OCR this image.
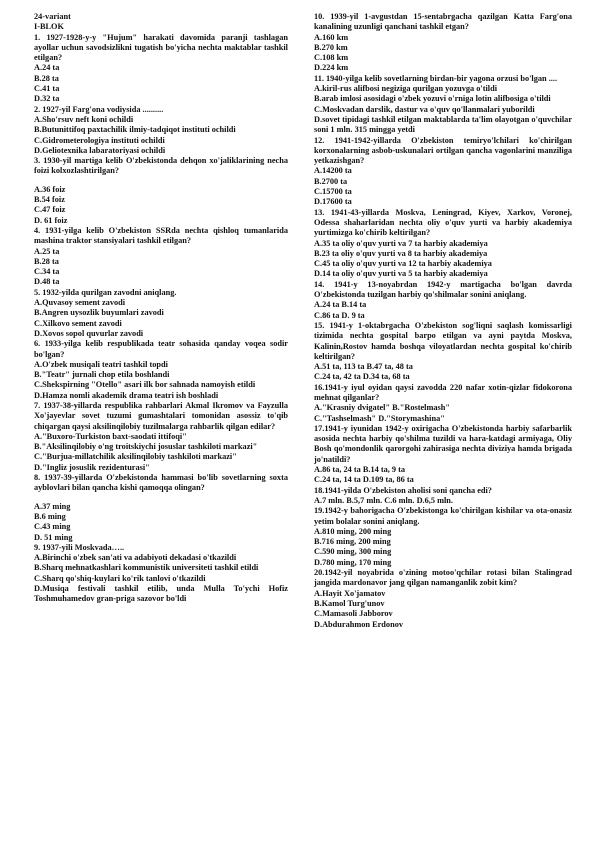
24-variant

I-BLOK

1. 1927-1928-y-y "Hujum" harakati davomida paranji tashlagan ayollar uchun savodsizlikni tugatish bo'yicha nechta maktablar tashkil etilgan?

A.24 ta

B.28 ta

C.41 ta

D.32 ta

2. 1927-yil Farg'ona vodiysida ..........

A.Sho'rsuv neft koni ochildi

B.Butunittifoq paxtachilik ilmiy-tadqiqot instituti ochildi

C.Gidrometerologiya instituti ochildi

D.Geliotexnika labaratoriyasi ochildi

3. 1930-yil martiga kelib O'zbekistonda dehqon xo'jaliklarining necha foizi kolxozlashtirilgan?

A.36 foiz

B.54 foiz

C.47 foiz

D. 61 foiz

4. 1931-yilga kelib O'zbekiston SSRda nechta qishloq tumanlarida mashina traktor stansiyalari tashkil etilgan?

A.25 ta

B.28 ta

C.34 ta

D.48 ta

5. 1932-yilda qurilgan zavodni aniqlang.

A.Quvasoy sement zavodi

B.Angren uysozlik buyumlari zavodi

C.Xilkovo sement zavodi

D.Xovos sopol quvurlar zavodi

6. 1933-yilga kelib respublikada teatr sohasida qanday voqea sodir bo'lgan?

A.O'zbek musiqali teatri tashkil topdi

B."Teatr" jurnali chop etila boshlandi

C.Shekspirning "Otello" asari ilk bor sahnada namoyish etildi

D.Hamza nomli akademik drama teatri ish boshladi

7. 1937-38-yillarda respublika rahbarlari Akmal Ikromov va Fayzulla Xo'jayevlar sovet tuzumi gumashtalari tomonidan asossiz to'qib chiqargan qaysi aksilinqilobiy tuzilmalarga rahbarlik qilgan edilar?

A."Buxoro-Turkiston baxt-saodati ittifoqi"

B."Aksilinqilobiy o'ng troitskiychi josuslar tashkiloti markazi"

C."Burjua-millatchilik aksilinqilobiy tashkiloti markazi"

D."Ingliz josuslik rezidenturasi"

8. 1937-39-yillarda O'zbekistonda hammasi bo'lib sovetlarning soxta ayblovlari bilan qancha kishi qamoqqa olingan?

A.37 ming

B.6 ming

C.43 ming

D. 51 ming

9. 1937-yili Moskvada…..

A.Birinchi o'zbek san'ati va adabiyoti dekadasi o'tkazildi

B.Sharq mehnatkashlari kommunistik universiteti tashkil etildi

C.Sharq qo'shiq-kuylari ko'rik tanlovi o'tkazildi

D.Musiqa festivali tashkil etilib, unda Mulla To'ychi Hofiz Toshmuhamedov gran-priga sazovor bo'ldi

10. 1939-yil 1-avgustdan 15-sentabrgacha qazilgan Katta Farg'ona kanalining uzunligi qanchani tashkil etgan?

A.160 km

B.270 km

C.108 km

D.224 km

11. 1940-yilga kelib sovetlarning birdan-bir yagona orzusi bo'lgan ....

A.kiril-rus alifbosi negiziga qurilgan yozuvga o'tildi

B.arab imlosi asosidagi o'zbek yozuvi o'rniga lotin alifbosiga o'tildi

C.Moskvadan darslik, dastur va o'quv qo'llanmalari yuborildi

D.sovet tipidagi tashkil etilgan maktablarda ta'lim olayotgan o'quvchilar soni 1 mln. 315 mingga yetdi

12. 1941-1942-yillarda O'zbekiston temiryo'lchilari ko'chirilgan korxonalarning asbob-uskunalari ortilgan qancha vagonlarini manziliga yetkazishgan?

A.14200 ta

B.2700 ta

C.15700 ta

D.17600 ta

13. 1941-43-yillarda Moskva, Leningrad, Kiyev, Xarkov, Voronej, Odessa shaharlaridan nechta oliy o'quv yurti va harbiy akademiya yurtimizga ko'chirib keltirilgan?

A.35 ta oliy o'quv yurti va 7 ta harbiy akademiya

B.23 ta oliy o'quv yurti va 8 ta harbiy akademiya

C.45 ta oliy o'quv yurti va 12 ta harbiy akademiya

D.14 ta oliy o'quv yurti va 5 ta harbiy akademiya

14. 1941-y 13-noyabrdan 1942-y martigacha bo'lgan davrda O'zbekistonda tuzilgan harbiy qo'shilmalar sonini aniqlang.

A.24 ta B.14 ta

C.86 ta D. 9 ta

15. 1941-y 1-oktabrgacha O'zbekiston sog'liqni saqlash komissarligi tizimida nechta gospital barpo etilgan va ayni paytda Moskva, Kalinin,Rostov hamda boshqa viloyatlardan nechta gospital ko'chirib keltirilgan?

A.51 ta, 113 ta B.47 ta, 48 ta

C.24 ta, 42 ta D.34 ta, 68 ta

16.1941-y iyul oyidan qaysi zavodda 220 nafar xotin-qizlar fidokorona mehnat qilganlar?

A."Krasniy dvigatel" B."Rostelmash"

C."Tashselmash" D."Storymashina"

17.1941-y iyunidan 1942-y oxirigacha O'zbekistonda harbiy safarbarlik asosida nechta harbiy qo'shilma tuzildi va hara-katdagi armiyaga, Oliy Bosh qo'mondonlik qarorgohi zahirasiga nechta diviziya hamda brigada jo'natildi?

A.86 ta, 24 ta B.14 ta, 9 ta

C.24 ta, 14 ta D.109 ta, 86 ta

18.1941-yilda O'zbekiston aholisi soni qancha edi?

A.7 mln. B.5,7 mln. C.6 mln. D.6,5 mln.

19.1942-y bahorigacha O'zbekistonga ko'chirilgan kishilar va ota-onasiz yetim bolalar sonini aniqlang.

A.810 ming, 200 ming

B.716 ming, 200 ming

C.590 ming, 300 ming

D.780 ming, 170 ming

20.1942-yil noyabrida o'zining motoo'qchilar rotasi bilan Stalingrad jangida mardonavor jang qilgan namanganlik zobit kim?

A.Hayit Xo'jamatov

B.Kamol Turg'unov

C.Mamasoli Jabborov

D.Abdurahmon Erdonov
